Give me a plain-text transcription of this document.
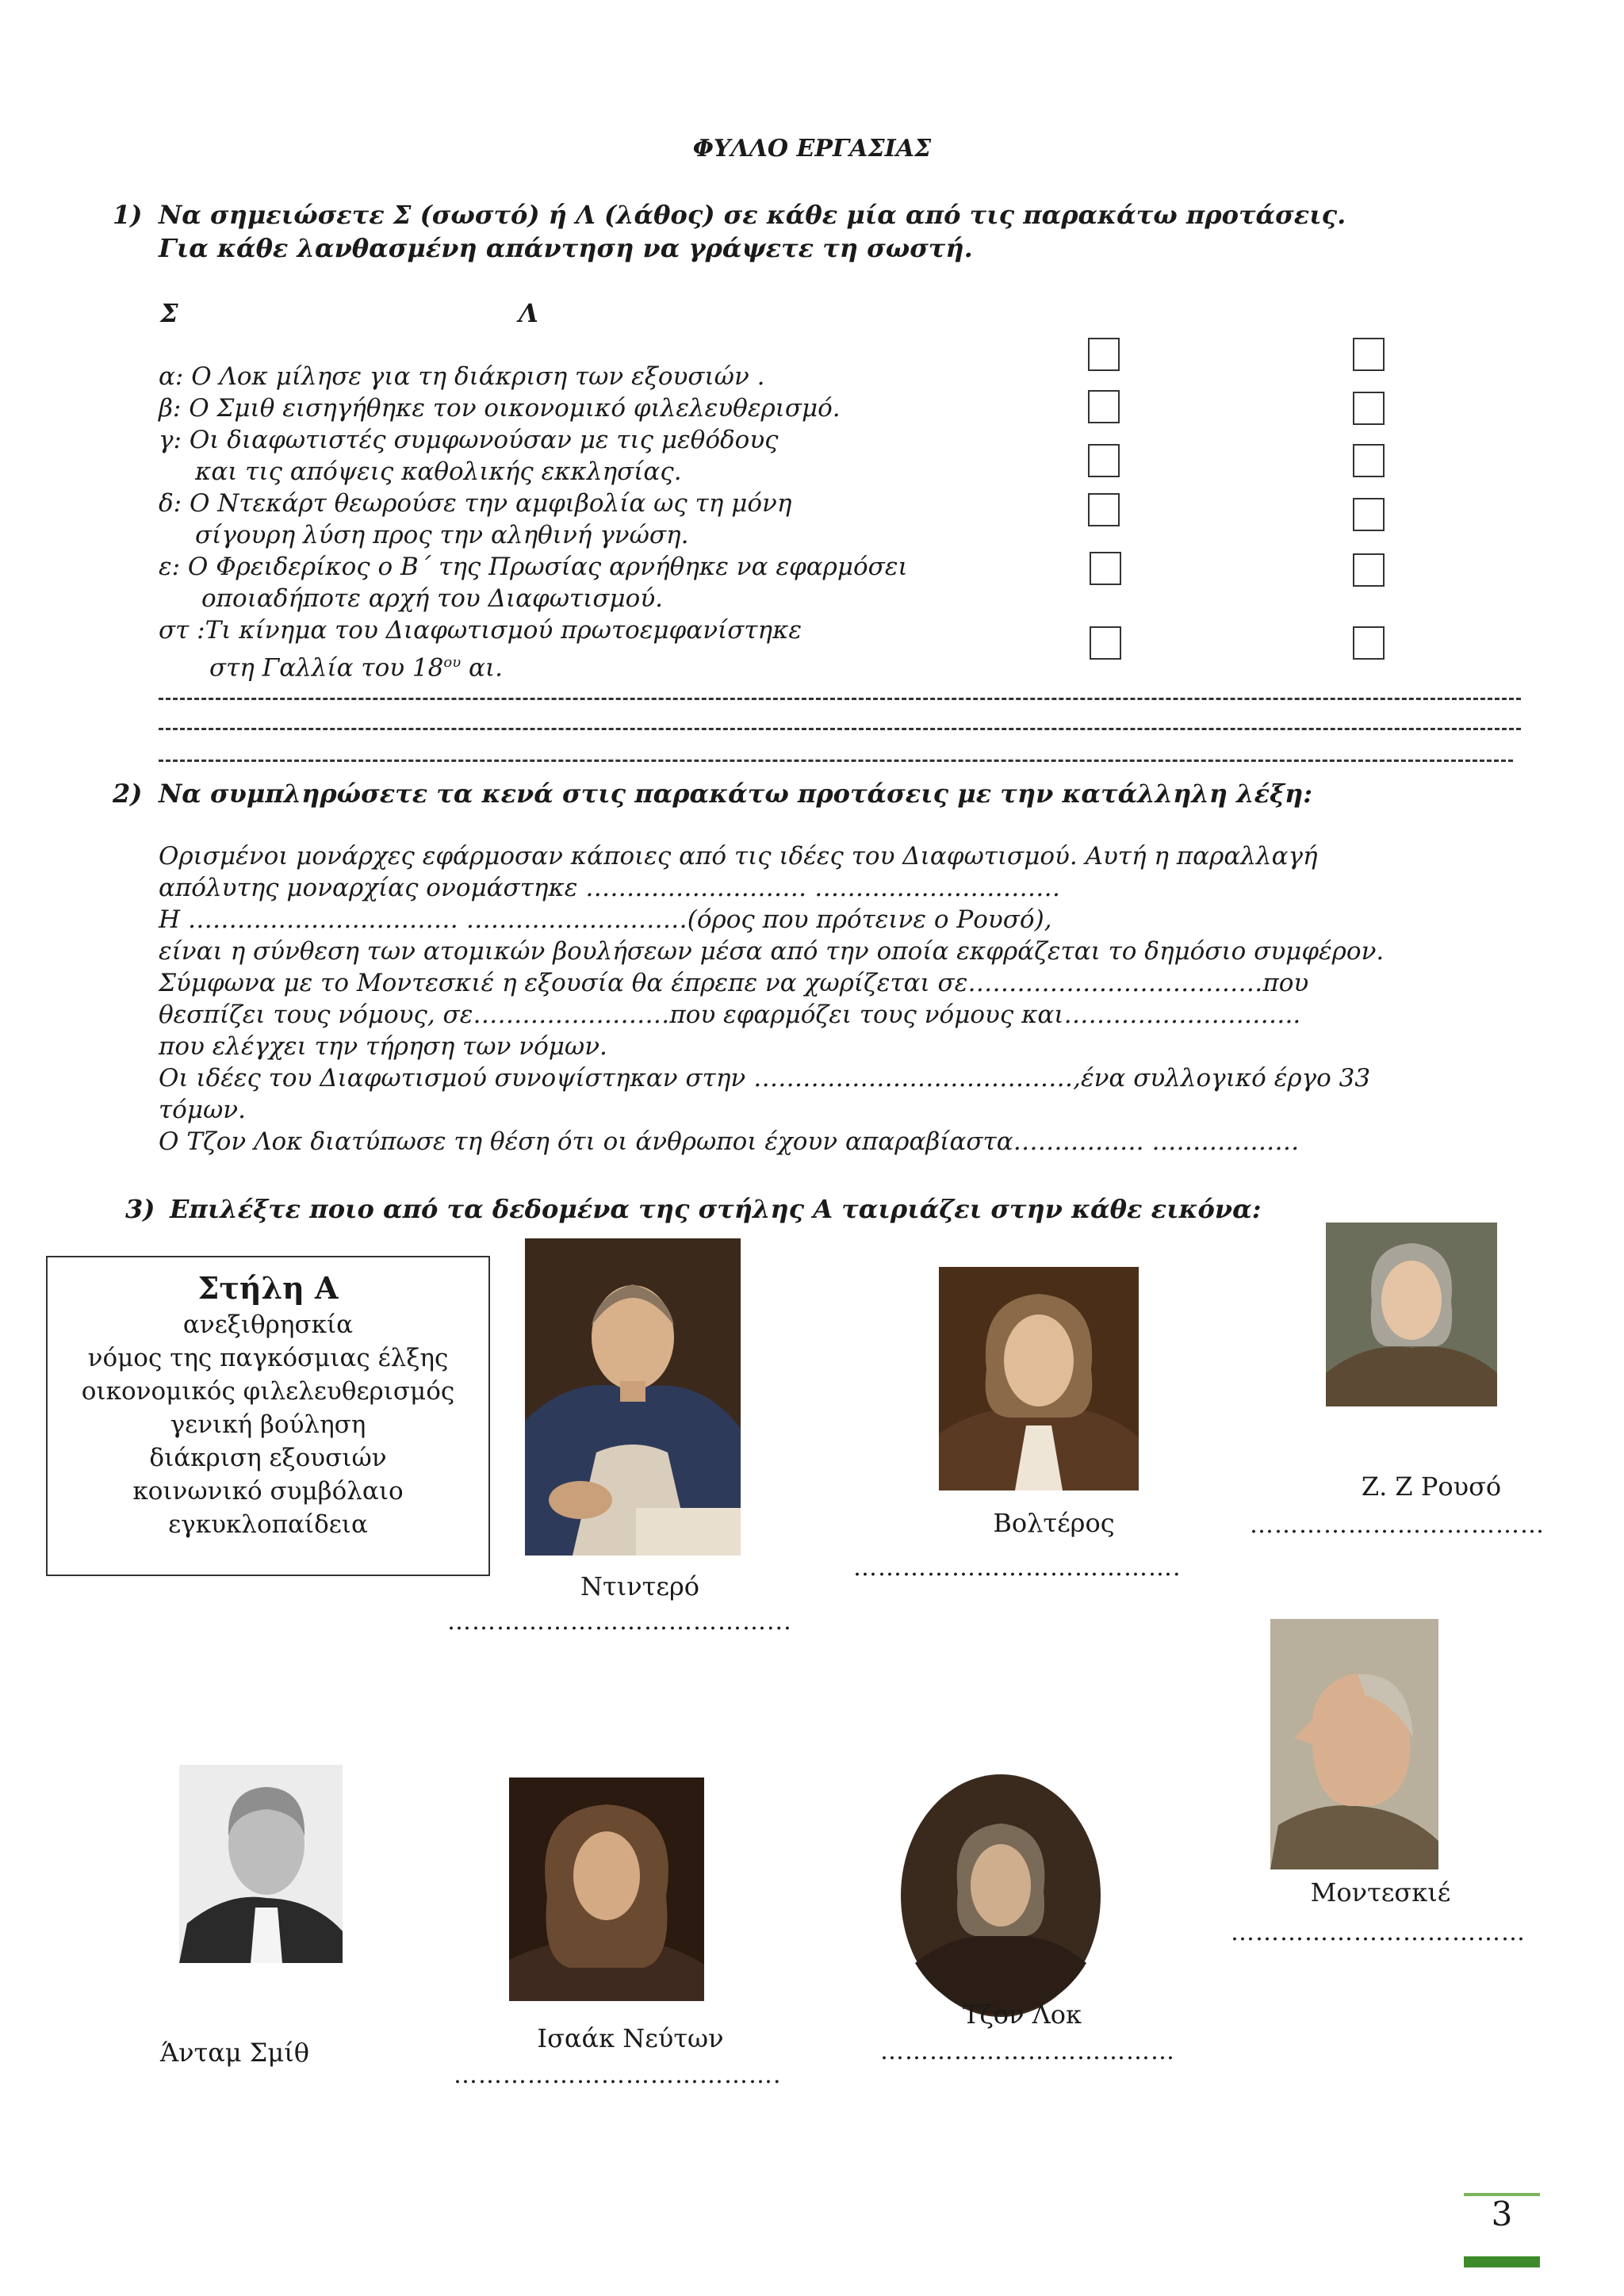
ΦΥΛΛΟ ΕΡΓΑΣΙΑΣ
1) Να σημειώσετε Σ (σωστό) ή Λ (λάθος) σε κάθε μία από τις παρακάτω προτάσεις.
Για κάθε λανθασμένη απάντηση να γράψετε τη σωστή.
Σ	Λ
α: Ο Λοκ μίλησε για τη διάκριση των εξουσιών .
β: Ο Σμιθ εισηγήθηκε τον οικονομικό φιλελευθερισμό.
γ: Οι διαφωτιστές συμφωνούσαν με τις μεθόδους
και τις απόψεις καθολικής εκκλησίας.
δ: Ο Ντεκάρτ θεωρούσε την αμφιβολία ως τη μόνη
σίγουρη λύση προς την αληθινή γνώση.
ε: Ο Φρειδερίκος ο Β΄ της Πρωσίας αρνήθηκε να εφαρμόσει
οποιαδήποτε αρχή του Διαφωτισμού.
στ :Τι κίνημα του Διαφωτισμού πρωτοεμφανίστηκε
στη Γαλλία του $18^{o\upsilon}$ αι.
2) Να συμπληρώσετε τα κενά στις παρακάτω προτάσεις με την κατάλληλη λέξη:
Ορισμένοι μονάρχες εφάρμοσαν κάποιες από τις ιδέες του Διαφωτισμού. Αυτή η παραλλαγή
απόλυτης μοναρχίας ονομάστηκε ……………………… …………………………
Η …………………………… ………………………(όρος που πρότεινε ο Ρουσό),
είναι η σύνθεση των ατομικών βουλήσεων μέσα από την οποία εκφράζεται το δημόσιο συμφέρον.
Σύμφωνα με το Μοντεσκιέ η εξουσία θα έπρεπε να χωρίζεται σε………………………………που
θεσπίζει τους νόμους, σε……………………που εφαρμόζει τους νόμους και………………………..
που ελέγχει την τήρηση των νόμων.
Οι ιδέες του Διαφωτισμού συνοψίστηκαν στην …………………………………,ένα συλλογικό έργο 33
τόμων.
Ο Τζον Λοκ διατύπωσε τη θέση ότι οι άνθρωποι έχουν απαραβίαστα……………. ………………
3) Επιλέξτε ποιο από τα δεδομένα της στήλης Α ταιριάζει στην κάθε εικόνα:
Στήλη Α
ανεξιθρησκία
νόμος της παγκόσμιας έλξης
οικονομικός φιλελευθερισμός
γενική βούληση
διάκριση εξουσιών
κοινωνικό συμβόλαιο
εγκυκλοπαίδεια
Ντιντερό
…………………………………...
Βολτέρος
………………………………….
Ζ. Ζ Ρουσό
………………………………
Μοντεσκιέ
………………………………
Άνταμ Σμίθ	Ισαάκ Νεύτων
………………………………….
Τζον Λοκ
………………………………
3
